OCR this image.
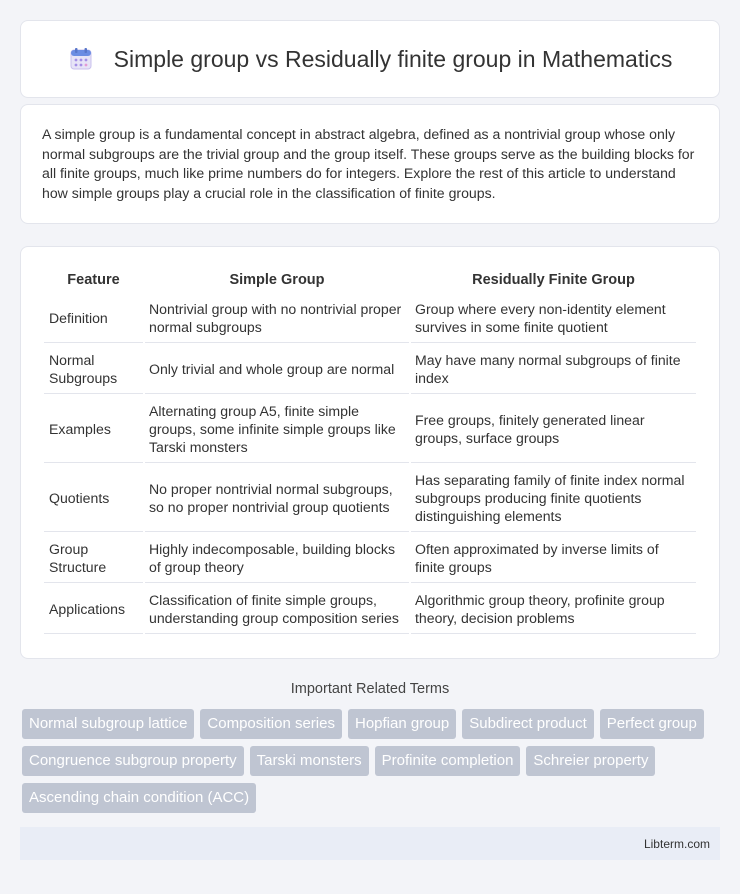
Simple group vs Residually finite group in Mathematics

A simple group is a fundamental concept in abstract algebra, defined as a nontrivial group whose only normal subgroups are the trivial group and the group itself. These groups serve as the building blocks for all finite groups, much like prime numbers do for integers. Explore the rest of this article to understand how simple groups play a crucial role in the classification of finite groups.

Feature	Simple Group	Residually Finite Group
Definition	Nontrivial group with no nontrivial proper normal subgroups	Group where every non-identity element survives in some finite quotient
Normal Subgroups	Only trivial and whole group are normal	May have many normal subgroups of finite index
Examples	Alternating group A5, finite simple groups, some infinite simple groups like Tarski monsters	Free groups, finitely generated linear groups, surface groups
Quotients	No proper nontrivial normal subgroups, so no proper nontrivial group quotients	Has separating family of finite index normal subgroups producing finite quotients distinguishing elements
Group Structure	Highly indecomposable, building blocks of group theory	Often approximated by inverse limits of finite groups
Applications	Classification of finite simple groups, understanding group composition series	Algorithmic group theory, profinite group theory, decision problems
Important Related Terms
Normal subgroup lattice	Composition series	Hopfian group	Subdirect product	Perfect group
Congruence subgroup property	Tarski monsters	Profinite completion	Schreier property
Ascending chain condition (ACC)
Libterm.com
